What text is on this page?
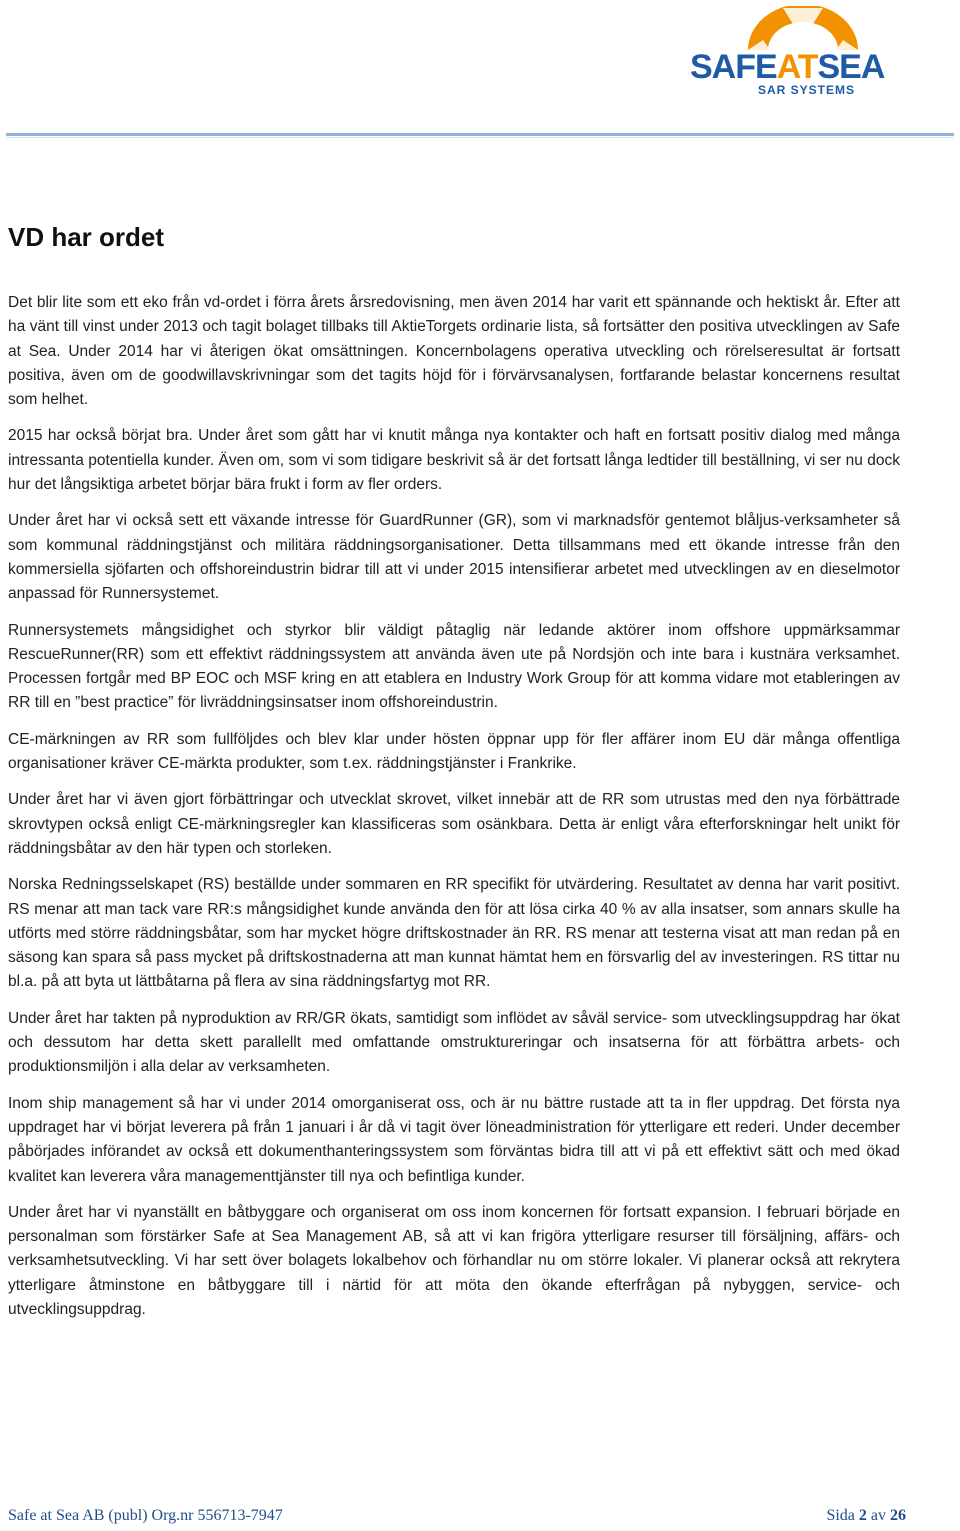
SAFEATSEA
SAR SYSTEMS
VD har ordet

Det blir lite som ett eko från vd-ordet i förra årets årsredovisning, men även 2014 har varit ett spännande och hektiskt år. Efter att ha vänt till vinst under 2013 och tagit bolaget tillbaks till AktieTorgets ordinarie lista, så fortsätter den positiva utvecklingen av Safe at Sea. Under 2014 har vi återigen ökat omsättningen. Koncernbolagens operativa utveckling och rörelseresultat är fortsatt positiva, även om de goodwillavskrivningar som det tagits höjd för i förvärvsanalysen, fortfarande belastar koncernens resultat som helhet.

2015 har också börjat bra. Under året som gått har vi knutit många nya kontakter och haft en fortsatt positiv dialog med många intressanta potentiella kunder. Även om, som vi som tidigare beskrivit så är det fortsatt långa ledtider till beställning, vi ser nu dock hur det långsiktiga arbetet börjar bära frukt i form av fler orders.

Under året har vi också sett ett växande intresse för GuardRunner (GR), som vi marknadsför gentemot blåljus-verksamheter så som kommunal räddningstjänst och militära räddningsorganisationer. Detta tillsammans med ett ökande intresse från den kommersiella sjöfarten och offshoreindustrin bidrar till att vi under 2015 intensifierar arbetet med utvecklingen av en dieselmotor anpassad för Runnersystemet.

Runnersystemets mångsidighet och styrkor blir väldigt påtaglig när ledande aktörer inom offshore uppmärksammar RescueRunner(RR) som ett effektivt räddningssystem att använda även ute på Nordsjön och inte bara i kustnära verksamhet. Processen fortgår med BP EOC och MSF kring en att etablera en Industry Work Group för att komma vidare mot etableringen av RR till en ”best practice” för livräddningsinsatser inom offshoreindustrin.

CE-märkningen av RR som fullföljdes och blev klar under hösten öppnar upp för fler affärer inom EU där många offentliga organisationer kräver CE-märkta produkter, som t.ex. räddningstjänster i Frankrike.

Under året har vi även gjort förbättringar och utvecklat skrovet, vilket innebär att de RR som utrustas med den nya förbättrade skrovtypen också enligt CE-märkningsregler kan klassificeras som osänkbara. Detta är enligt våra efterforskningar helt unikt för räddningsbåtar av den här typen och storleken.

Norska Redningsselskapet (RS) beställde under sommaren en RR specifikt för utvärdering. Resultatet av denna har varit positivt. RS menar att man tack vare RR:s mångsidighet kunde använda den för att lösa cirka 40 % av alla insatser, som annars skulle ha utförts med större räddningsbåtar, som har mycket högre driftskostnader än RR. RS menar att testerna visat att man redan på en säsong kan spara så pass mycket på driftskostnaderna att man kunnat hämtat hem en försvarlig del av investeringen. RS tittar nu bl.a. på att byta ut lättbåtarna på flera av sina räddningsfartyg mot RR.

Under året har takten på nyproduktion av RR/GR ökats, samtidigt som inflödet av såväl service- som utvecklingsuppdrag har ökat och dessutom har detta skett parallellt med omfattande omstruktureringar och insatserna för att förbättra arbets- och produktionsmiljön i alla delar av verksamheten.

Inom ship management så har vi under 2014 omorganiserat oss, och är nu bättre rustade att ta in fler uppdrag. Det första nya uppdraget har vi börjat leverera på från 1 januari i år då vi tagit över löneadministration för ytterligare ett rederi. Under december påbörjades införandet av också ett dokumenthanteringssystem som förväntas bidra till att vi på ett effektivt sätt och med ökad kvalitet kan leverera våra managementtjänster till nya och befintliga kunder.

Under året har vi nyanställt en båtbyggare och organiserat om oss inom koncernen för fortsatt expansion. I februari började en personalman som förstärker Safe at Sea Management AB, så att vi kan frigöra ytterligare resurser till försäljning, affärs- och verksamhetsutveckling. Vi har sett över bolagets lokalbehov och förhandlar nu om större lokaler. Vi planerar också att rekrytera ytterligare åtminstone en båtbyggare till i närtid för att möta den ökande efterfrågan på nybyggen, service- och utvecklingsuppdrag.

Safe at Sea AB (publ) Org.nr 556713-7947	Sida 2 av 26
